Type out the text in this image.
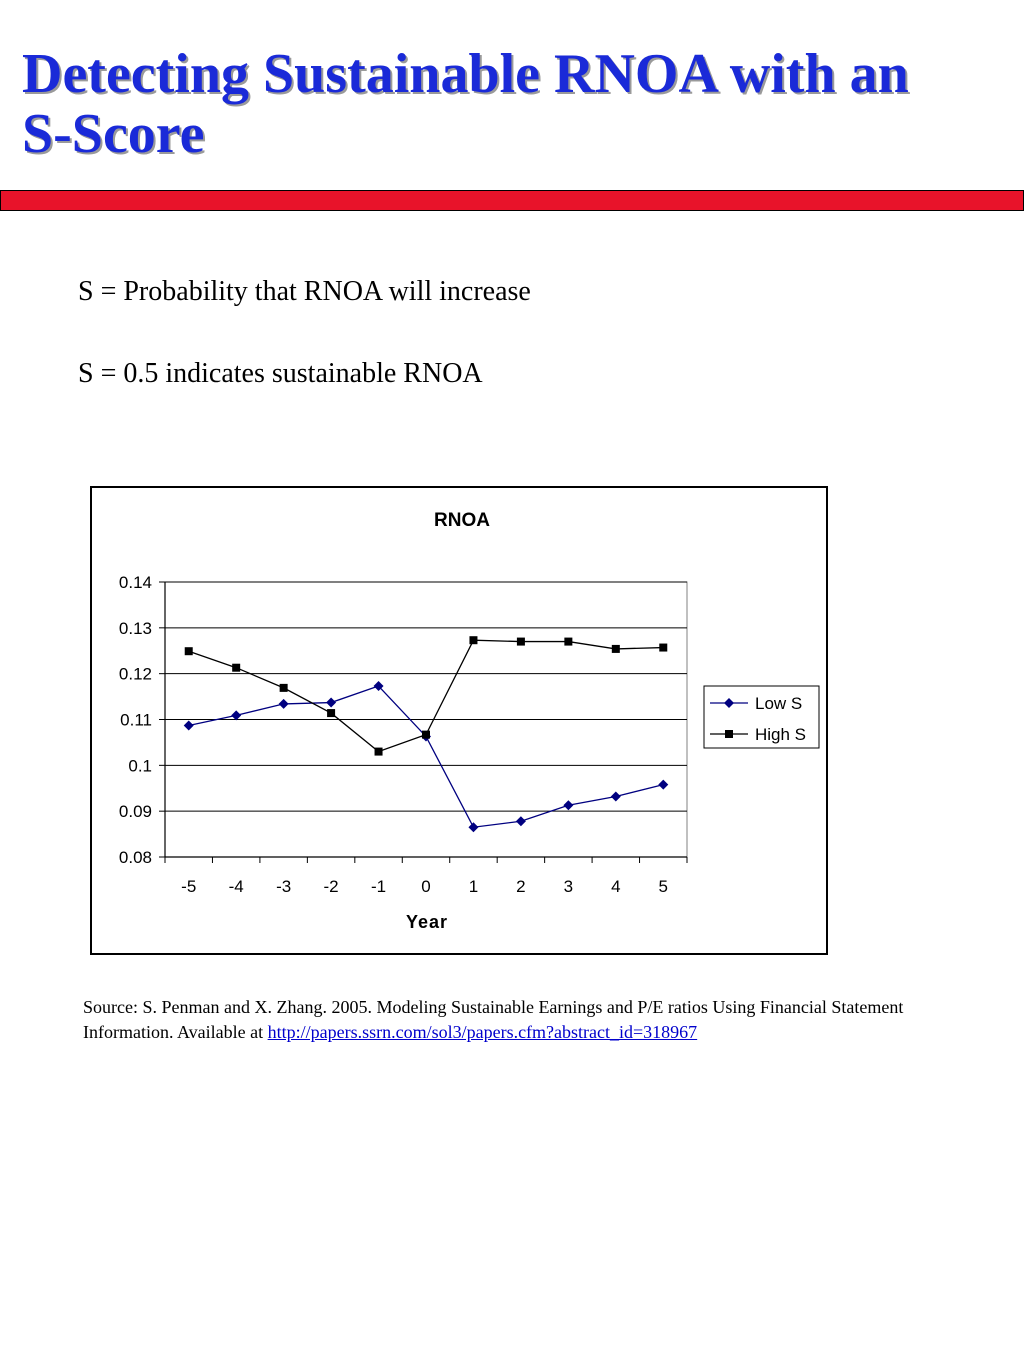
Detecting Sustainable RNOA with an
S-Score

S = Probability that RNOA will increase

S = 0.5 indicates sustainable RNOA

RNOA
Year
0.08
0.09
0.1
0.11
0.12
0.13
0.14
-5 -4 -3 -2 -1 0 1 2 3 4 5
Low S
High S

Source: S. Penman and X. Zhang. 2005. Modeling Sustainable Earnings and P/E ratios Using Financial Statement Information. Available at http://papers.ssrn.com/sol3/papers.cfm?abstract_id=318967
